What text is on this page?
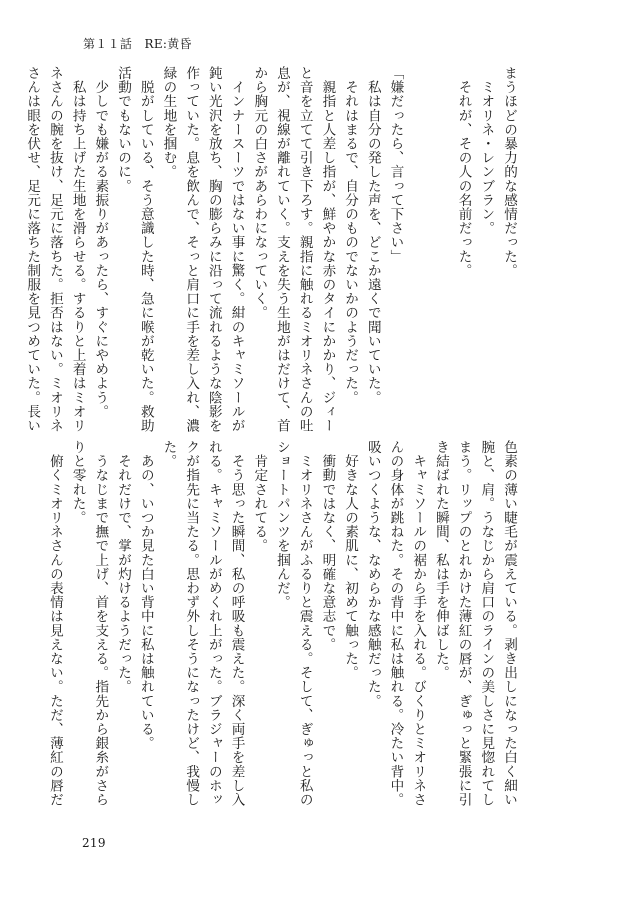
第１１話　RE:黄昏
まうほどの暴力的な感情だった。
　ミオリネ・レンブラン。
　それが、その人の名前だった。

「嫌だったら、言って下さい」
　私は自分の発した声を、どこか遠くで聞いていた。
　それはまるで、自分のものでないかのようだった。
　親指と人差し指が、鮮やかな赤のタイにかかり、ジィー
と音を立てて引き下ろす。親指に触れるミオリネさんの吐
息が、視線が離れていく。支えを失う生地がはだけて、首
から胸元の白さがあらわになっていく。
　インナースーツではない事に驚く。紺のキャミソールが
鈍い光沢を放ち、胸の膨らみに沿って流れるような陰影を
作っていた。息を飲んで、そっと肩口に手を差し入れ、濃
緑の生地を掴む。
　脱がしている、そう意識した時、急に喉が乾いた。救助
活動でもないのに。
　少しでも嫌がる素振りがあったら、すぐにやめよう。
　私は持ち上げた生地を滑らせる。するりと上着はミオリ
ネさんの腕を抜け、足元に落ちた。拒否はない。ミオリネ
さんは眼を伏せ、足元に落ちた制服を見つめていた。長い
色素の薄い睫毛が震えている。剥き出しになった白く細い
腕と、肩。うなじから肩口のラインの美しさに見惚れてし
まう。リップのとれかけた薄紅の唇が、ぎゅっと緊張に引
き結ばれた瞬間、私は手を伸ばした。
　キャミソールの裾から手を入れる。びくりとミオリネさ
んの身体が跳ねた。その背中に私は触れる。冷たい背中。
吸いつくような、なめらかな感触だった。
　好きな人の素肌に、初めて触った。
　衝動ではなく、明確な意志で。
　ミオリネさんがふるりと震える。そして、ぎゅっと私の
ショートパンツを掴んだ。
　肯定されてる。
　そう思った瞬間、私の呼吸も震えた。深く両手を差し入
れる。キャミソールがめくれ上がった。ブラジャーのホッ
クが指先に当たる。思わず外しそうになったけど、我慢し
た。
　あの、いつか見た白い背中に私は触れている。
　それだけで、掌が灼けるようだった。
　うなじまで撫で上げ、首を支える。指先から銀糸がさら
りと零れた。
　俯くミオリネさんの表情は見えない。ただ、薄紅の唇だ
219
